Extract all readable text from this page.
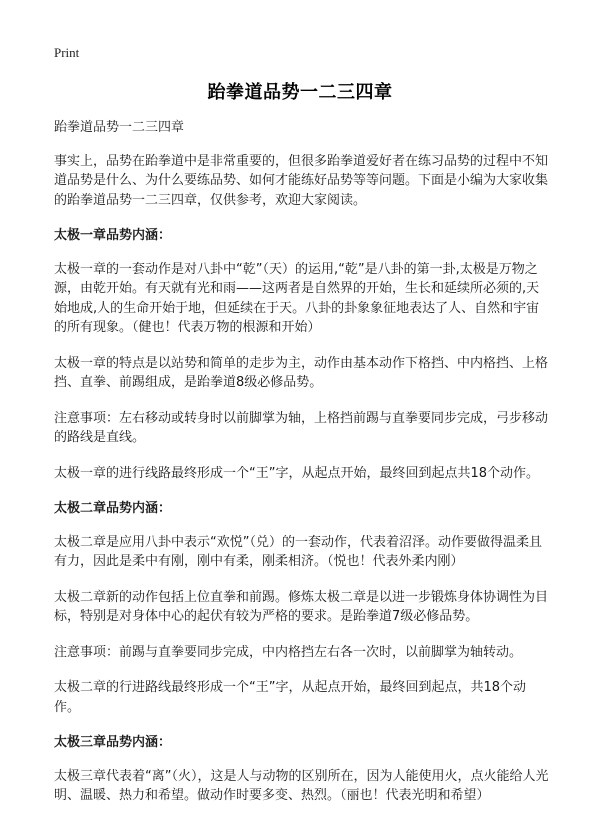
Print
跆拳道品势一二三四章

跆拳道品势一二三四章

事实上，品势在跆拳道中是非常重要的，但很多跆拳道爱好者在练习品势的过程中不知道品势是什么、为什么要练品势、如何才能练好品势等等问题。下面是小编为大家收集的跆拳道品势一二三四章，仅供参考，欢迎大家阅读。

太极一章品势内涵：

太极一章的一套动作是对八卦中“乾”（天）的运用,“乾”是八卦的第一卦,太极是万物之源，由乾开始。有天就有光和雨——这两者是自然界的开始，生长和延续所必须的,天始地成,人的生命开始于地，但延续在于天。八卦的卦象象征地表达了人、自然和宇宙的所有现象。（健也！代表万物的根源和开始）

太极一章的特点是以站势和简单的走步为主，动作由基本动作下格挡、中内格挡、上格挡、直拳、前踢组成，是跆拳道8级必修品势。

注意事项：左右移动或转身时以前脚掌为轴，上格挡前踢与直拳要同步完成，弓步移动的路线是直线。

太极一章的进行线路最终形成一个“王”字，从起点开始，最终回到起点共18个动作。

太极二章品势内涵：

太极二章是应用八卦中表示“欢悦”（兑）的一套动作，代表着沼泽。动作要做得温柔且有力，因此是柔中有刚，刚中有柔，刚柔相济。（悦也！代表外柔内刚）

太极二章新的动作包括上位直拳和前踢。修炼太极二章是以进一步锻炼身体协调性为目标，特别是对身体中心的起伏有较为严格的要求。是跆拳道7级必修品势。

注意事项：前踢与直拳要同步完成，中内格挡左右各一次时，以前脚掌为轴转动。

太极二章的行进路线最终形成一个“王”字，从起点开始，最终回到起点，共18个动作。

太极三章品势内涵：

太极三章代表着“离”（火），这是人与动物的区别所在，因为人能使用火，点火能给人光明、温暖、热力和希望。做动作时要多变、热烈。（丽也！代表光明和希望）
